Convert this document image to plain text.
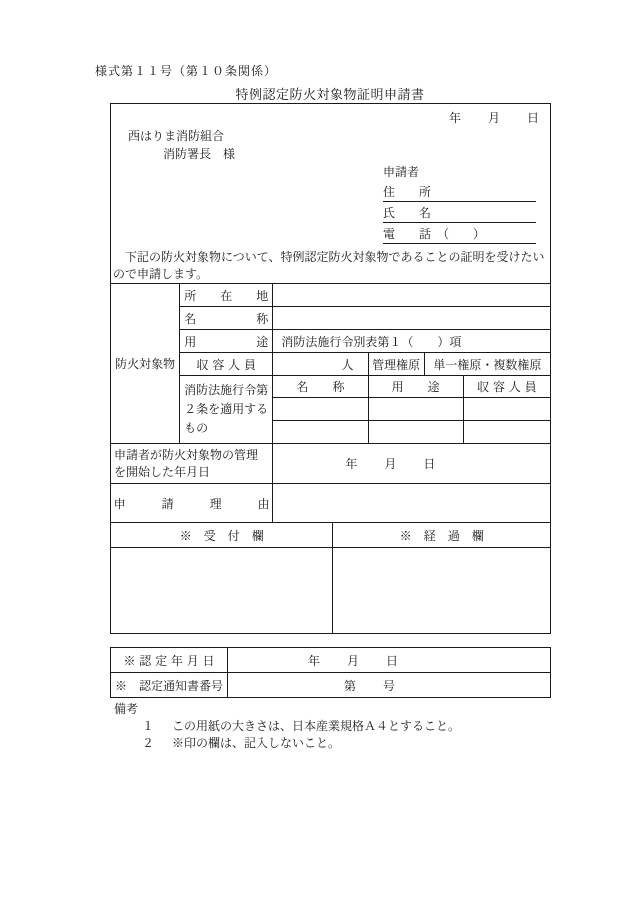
様式第１１号（第１０条関係）
特例認定防火対象物証明申請書
年　　月　　日
西はりま消防組合
消防署長　様
申請者
住　　所
氏　　名
電　　話　（　　）
下記の防火対象物について、特例認定防火対象物であることの証明を受けたいので申請します。

防火対象物	所　　在　　地					
	名　　　　　称					
	用　　　　　途	消防法施行令別表第１（　　）項				
	収 容 人 員	人		管理権原	単一権原・複数権原	
	消防法施行令第２条を適用するもの	名　　称		用　　途		収 容 人 員

申請者が防火対象物の管理を開始した年月日		年　　月　　日				
申　　　請　　　理　　　由						
※　受　付　欄			※　経　過　欄			

※ 認 定 年 月 日	年　　月　　日
※　認定通知書番号	第　　号
備考
１	この用紙の大きさは、日本産業規格Ａ４とすること。
２	※印の欄は、記入しないこと。
